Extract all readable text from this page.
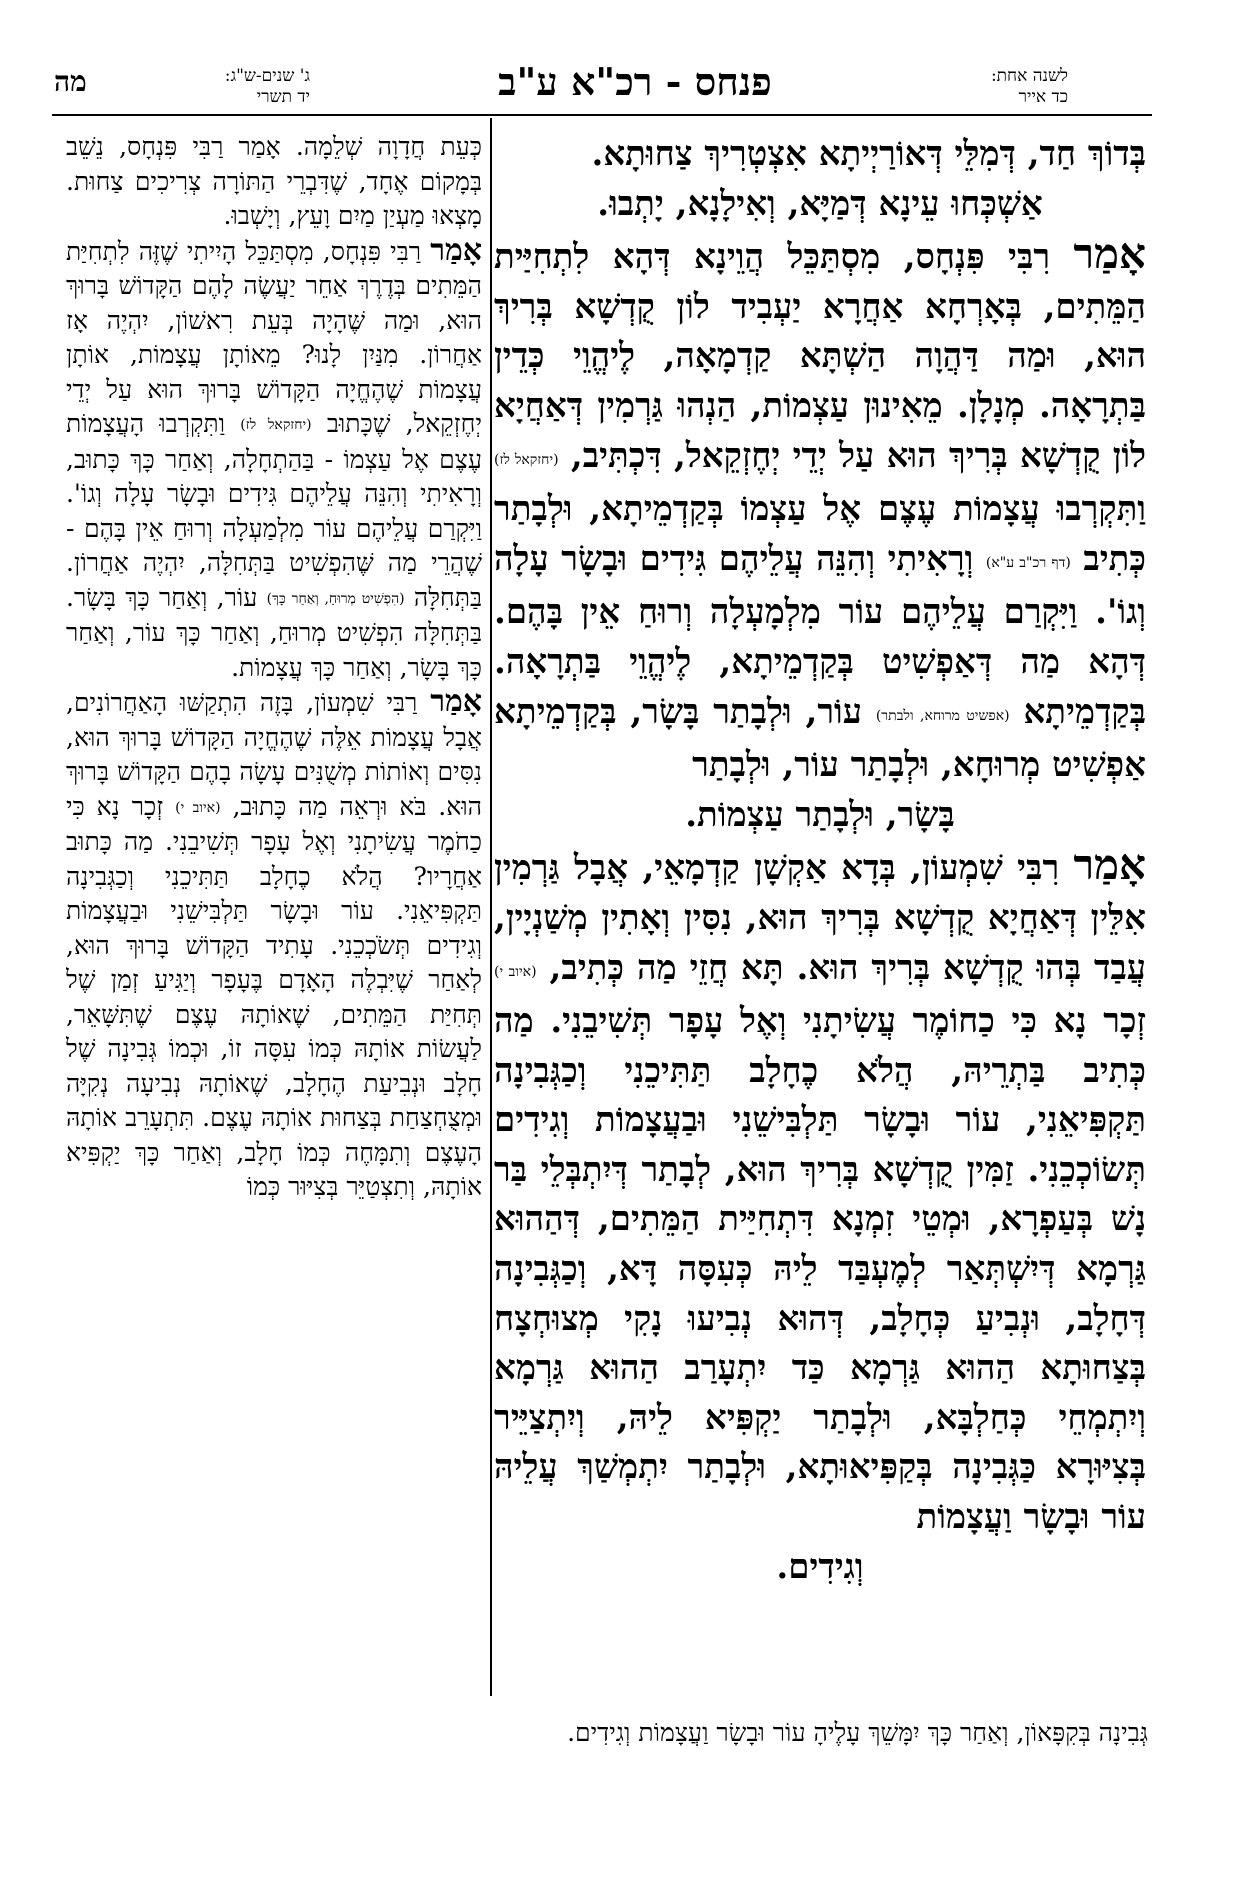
לשנה אחת:
כד אייר
פנחס - רכ"א ע"ב
ג' שנים-ש"ג:
יד תשרי
מה

בְּדוֹךְ חַד, דְּמִלֵּי דְּאוֹרַיְיתָא אִצְטְרִיךְ צַחוּתָא.

אַשְׁכְּחוּ עֵינָא דְּמַיָּא, וְאִילָנָא, יָתְבוּ.

אָמַר רִבִּי פִּנְחָס, מִסְתַּכֵּל הֲוֵינָא דְּהָא לִתְחִיַּית הַמֵּתִים, בְּאָרְחָא אַחֲרָא יַעְבִיד לוֹן קֻדְשָׁא בְּרִיךְ הוּא, וּמַה דַּהֲוָה הַשְׁתָּא קַדְמָאָה, לֶיהֱוֵי כְּדֵין בַּתְרָאָה. מְנָלָן. מֵאִינוּן עַצְמוֹת, הַנְהוּ גַּרְמִין דְּאַחֲיָא לוֹן קֻדְשָׁא בְּרִיךְ הוּא עַל יְדֵי יְחֶזְקֵאל, דִּכְתִּיב, (יחזקאל לז) וַתִּקְרְבוּ עֲצָמוֹת עֶצֶם אֶל עַצְמוֹ בְּקַדְמֵיתָא, וּלְבָתַר כְּתִיב (דף רכ"ב ע"א) וְרָאִיתִי וְהִנֵּה עֲלֵיהֶם גִּידִים וּבָשָׂר עָלָה וְגוֹ'. וַיִּקְרַם עֲלֵיהֶם עוֹר מִלְמָעְלָה וְרוּחַ אֵין בָּהֶם. דְּהָא מַה דְּאַפְשִׁיט בְּקַדְמֵיתָא, לֶיהֱוֵי בַּתְרָאָה. בְּקַדְמֵיתָא (אפשיט מרוחא, ולבתר) עוֹר, וּלְבָתַר בָּשָׂר, בְּקַדְמֵיתָא אַפְשִׁיט מְרוּחָא, וּלְבָתַר עוֹר, וּלְבָתַר

בָּשָׂר, וּלְבָתַר עַצְמוֹת.

אָמַר רִבִּי שִׁמְעוֹן, בְּדָא אַקְשָׁן קַדְמָאֵי, אֲבָל גַּרְמִין אִלֵּין דְּאַחֲיָא קֻדְשָׁא בְּרִיךְ הוּא, נִסִּין וְאָתִין מְשַׁנְיָין, עֲבַד בְּהוּ קֻדְשָׁא בְּרִיךְ הוּא. תָּא חֲזֵי מַה כְּתִיב, (איוב י) זְכָר נָא כִּי כַחוֹמֶר עֲשִׂיתָנִי וְאֶל עָפָר תְּשִׁיבֵנִי. מַה כְּתִיב בַּתְרֵיהּ, הֲלֹא כֶחָלָב תַּתִּיכֵנִי וְכַגְּבִינָה תַּקְפִּיאֵנִי, עוֹר וּבָשָׂר תַּלְבִּישֵׁנִי וּבַעֲצָמוֹת וְגִידִים תְּשׂוֹכְכֵנִי. זַמִּין קֻדְשָׁא בְּרִיךְ הוּא, לְבָתַר דְּיִתְבְּלֵי בַּר נָשׁ בְּעַפְרָא, וּמְטֵי זִמְנָא דִּתְחִיַּית הַמֵּתִים, דְּהַהוּא גַּרְמָא דְּיִשְׁתְּאַר לְמֶעְבַּד לֵיהּ כְּעִסָּה דָּא, וְכַגְּבִינָה דְּחָלָב, וּנְבִיעַ כְּחָלָב, דְּהוּא נְבִיעוּ נָקִי מְצוּחְצָח בְּצַחוּתָא הַהוּא גַּרְמָא כַּד יִתְעָרַב הַהוּא גַּרְמָא וְיִתְמְחֵי כְּחַלְבָּא, וּלְבָתַר יַקְפִּיא לֵיהּ, וְיִתְצַיֵּיר בְּצִיּוּרָא כַּגְּבִינָה בְּקַפִּיאוּתָא, וּלְבָתַר יִתְמְשַׁךְ עֲלֵיהּ עוֹר וּבָשָׂר וַעֲצָמוֹת

וְגִידִים.

כְּעֵת חֲדָוָה שְׁלֵמָה. אָמַר רַבִּי פִּנְחָס, נֵשֵׁב בְּמָקוֹם אֶחָד, שֶׁדִּבְרֵי הַתּוֹרָה צְרִיכִים צַחוּת. מָצְאוּ מַעְיַן מַיִם וָעֵץ, וְיָשְׁבוּ.

אָמַר רַבִּי פִּנְחָס, מִסְתַּכֵּל הָיִיתִי שֶׁזֶּה לִתְחִיַּת הַמֵּתִים בְּדֶרֶךְ אַחֵר יַעֲשֶׂה לָהֶם הַקָּדוֹשׁ בָּרוּךְ הוּא, וּמַה שֶּׁהָיָה בְּעֵת רִאשׁוֹן, יִהְיֶה אָז אַחֲרוֹן. מִנַּיִן לָנוּ? מֵאוֹתָן עֲצָמוֹת, אוֹתָן עֲצָמוֹת שֶׁהֶחֱיָה הַקָּדוֹשׁ בָּרוּךְ הוּא עַל יְדֵי יְחֶזְקֵאל, שֶׁכָּתוּב (יחזקאל לז) וַתִּקְרְבוּ הָעֲצָמוֹת עֶצֶם אֶל עַצְמוֹ - בַּהַתְחָלָה, וְאַחַר כָּךְ כָּתוּב, וְרָאִיתִי וְהִנֵּה עֲלֵיהֶם גִּידִים וּבָשָׂר עָלָה וְגוֹ'. וַיִּקְרַם עֲלֵיהֶם עוֹר מִלְמַעְלָה וְרוּחַ אֵין בָּהֶם - שֶׁהֲרֵי מַה שֶּׁהִפְשִׁיט בַּתְּחִלָּה, יִהְיֶה אַחֲרוֹן. בַּתְּחִלָּה (הִפְשִׁיט מְרוּחַ, וְאַחַר כָּךְ) עוֹר, וְאַחַר כָּךְ בָּשָׂר. בַּתְּחִלָּה הִפְשִׁיט מְרוּחַ, וְאַחַר כָּךְ עוֹר, וְאַחַר כָּךְ בָּשָׂר, וְאַחַר כָּךְ עֲצָמוֹת.

אָמַר רַבִּי שִׁמְעוֹן, בָּזֶה הִתְקַשּׁוּ הָאַחֲרוֹנִים, אֲבָל עֲצָמוֹת אֵלֶּה שֶׁהֶחֱיָה הַקָּדוֹשׁ בָּרוּךְ הוּא, נִסִּים וְאוֹתוֹת מְשֻׁנִּים עָשָׂה בָהֶם הַקָּדוֹשׁ בָּרוּךְ הוּא. בֹּא וּרְאֵה מַה כָּתוּב, (איוב י) זְכָר נָא כִּי כַחֹמֶר עֲשִׂיתָנִי וְאֶל עָפָר תְּשִׁיבֵנִי. מַה כָּתוּב אַחֲרָיו? הֲלֹא כֶחָלָב תַּתִּיכֵנִי וְכַגְּבִינָה תַּקְפִּיאֵנִי. עוֹר וּבָשָׂר תַּלְבִּישֵׁנִי וּבַעֲצָמוֹת וְגִידִים תְּשֹׂכְכֵנִי. עָתִיד הַקָּדוֹשׁ בָּרוּךְ הוּא, לְאַחַר שֶׁיִּבְלֶה הָאָדָם בֶּעָפָר וְיַגִּיעַ זְמַן שֶׁל תְּחִיַּת הַמֵּתִים, שֶׁאוֹתָהּ עֶצֶם שֶׁתִּשָּׁאֵר, לַעֲשׂוֹת אוֹתָהּ כְּמוֹ עִסָּה זוֹ, וּכְמוֹ גְּבִינָה שֶׁל חָלָב וּנְבִיעַת הֶחָלָב, שֶׁאוֹתָהּ נְבִיעָה נְקִיָּה וּמְצֻחְצַחַת בְּצַחוּת אוֹתָהּ עֶצֶם. תִּתְעָרֵב אוֹתָהּ הָעֶצֶם וְתִמָּחֶה כְּמוֹ חָלָב, וְאַחַר כָּךְ יַקְפִּיא אוֹתָהּ, וְתִצְטַיֵּר בְּצִיּוּר כְּמוֹ

גְּבִינָה בְּקִפָּאוֹן, וְאַחַר כָּךְ יִמָּשֵׁךְ עָלֶיהָ עוֹר וּבָשָׂר וַעֲצָמוֹת וְגִידִים.
